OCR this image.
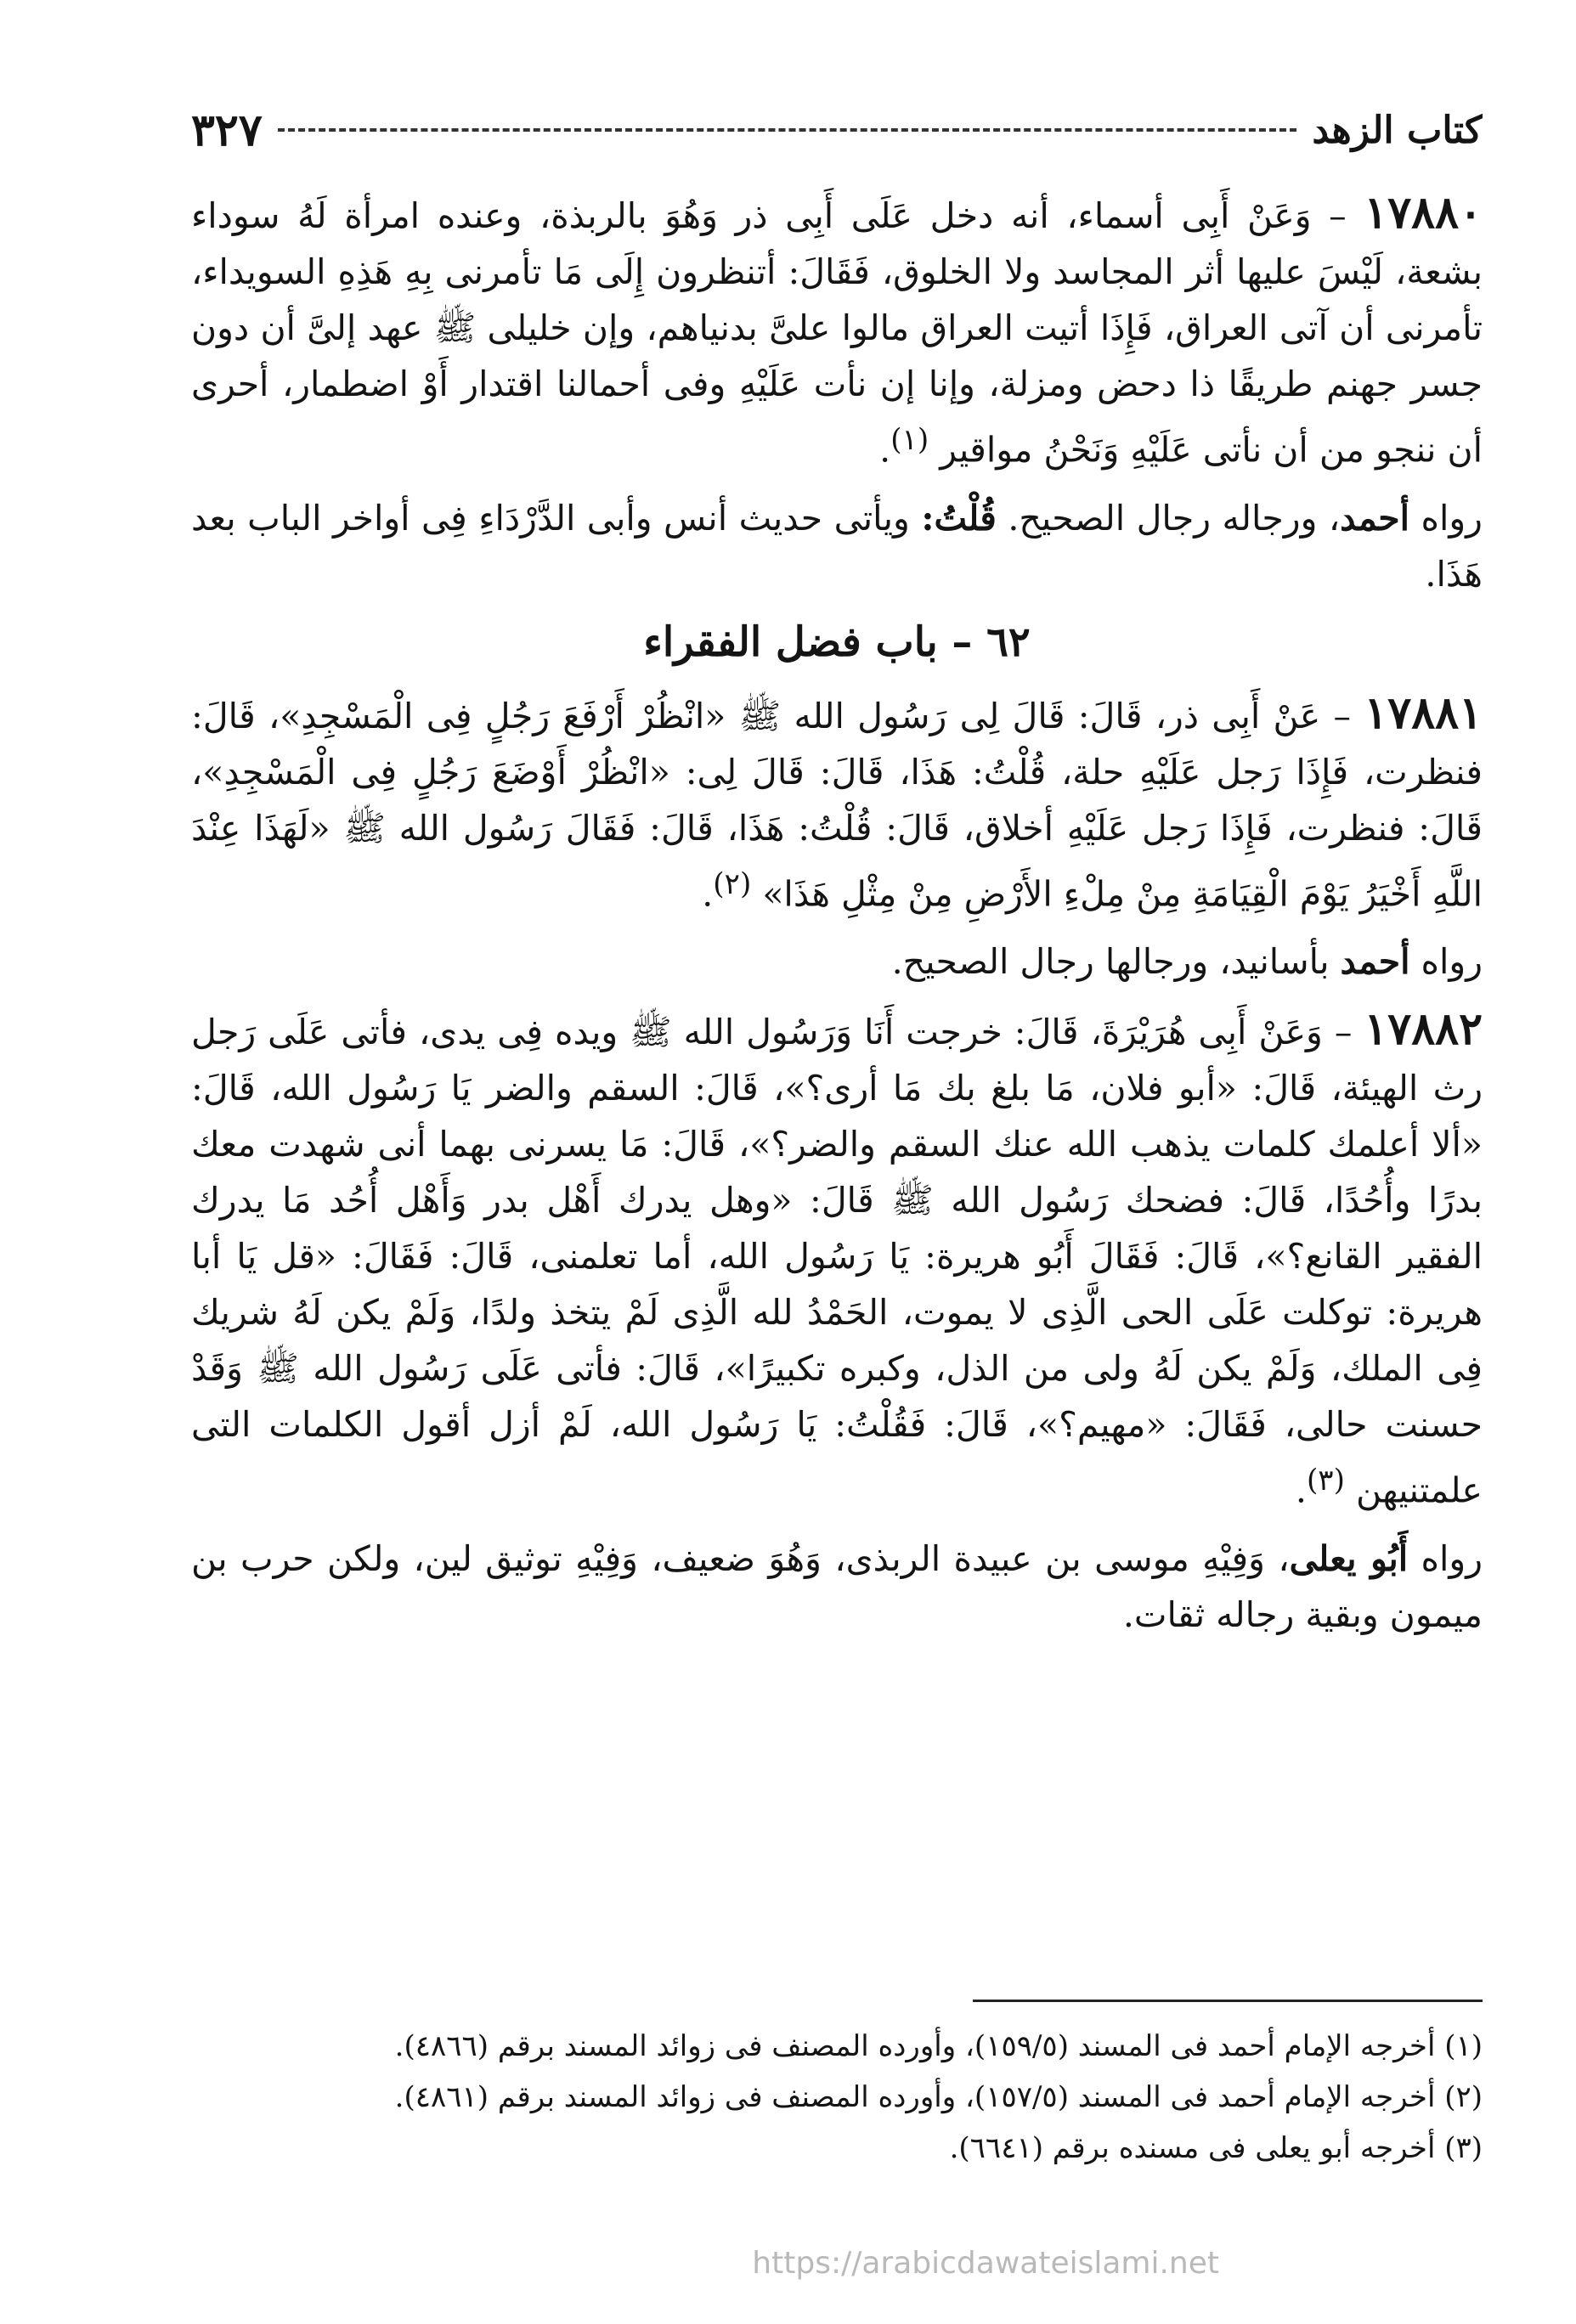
كتاب الزهد
٣٢٧

١٧٨٨٠ – وَعَنْ أَبِى أسماء، أنه دخل عَلَى أَبِى ذر وَهُوَ بالربذة، وعنده امرأة لَهُ سوداء بشعة، لَيْسَ عليها أثر المجاسد ولا الخلوق، فَقَالَ: أتنظرون إِلَى مَا تأمرنى بِهِ هَذِهِ السويداء، تأمرنى أن آتى العراق، فَإِذَا أتيت العراق مالوا علىَّ بدنياهم، وإن خليلى ﷺ عهد إلىَّ أن دون جسر جهنم طريقًا ذا دحض ومزلة، وإنا إن نأت عَلَيْهِ وفى أحمالنا اقتدار أَوْ اضطمار، أحرى أن ننجو من أن نأتى عَلَيْهِ وَنَحْنُ مواقير $^{(١)}$.

رواه أحمد، ورجاله رجال الصحيح. قُلْتُ: ويأتى حديث أنس وأبى الدَّرْدَاءِ فِى أواخر الباب بعد هَذَا.

٦٢ – باب فضل الفقراء

١٧٨٨١ – عَنْ أَبِى ذر، قَالَ: قَالَ لِى رَسُول الله ﷺ «انْظُرْ أَرْفَعَ رَجُلٍ فِى الْمَسْجِدِ»، قَالَ: فنظرت، فَإِذَا رَجل عَلَيْهِ حلة، قُلْتُ: هَذَا، قَالَ: قَالَ لِى: «انْظُرْ أَوْضَعَ رَجُلٍ فِى الْمَسْجِدِ»، قَالَ: فنظرت، فَإِذَا رَجل عَلَيْهِ أخلاق، قَالَ: قُلْتُ: هَذَا، قَالَ: فَقَالَ رَسُول الله ﷺ «لَهَذَا عِنْدَ اللَّهِ أَخْيَرُ يَوْمَ الْقِيَامَةِ مِنْ مِلْءِ الأَرْضِ مِنْ مِثْلِ هَذَا» $^{(٢)}$.

رواه أحمد بأسانيد، ورجالها رجال الصحيح.

١٧٨٨٢ – وَعَنْ أَبِى هُرَيْرَةَ، قَالَ: خرجت أَنَا وَرَسُول الله ﷺ ويده فِى يدى، فأتى عَلَى رَجل رث الهيئة، قَالَ: «أبو فلان، مَا بلغ بك مَا أرى؟»، قَالَ: السقم والضر يَا رَسُول الله، قَالَ: «ألا أعلمك كلمات يذهب الله عنك السقم والضر؟»، قَالَ: مَا يسرنى بهما أنى شهدت معك بدرًا وأُحُدًا، قَالَ: فضحك رَسُول الله ﷺ قَالَ: «وهل يدرك أَهْل بدر وَأَهْل أُحُد مَا يدرك الفقير القانع؟»، قَالَ: فَقَالَ أَبُو هريرة: يَا رَسُول الله، أما تعلمنى، قَالَ: فَقَالَ: «قل يَا أبا هريرة: توكلت عَلَى الحى الَّذِى لا يموت، الحَمْدُ لله الَّذِى لَمْ يتخذ ولدًا، وَلَمْ يكن لَهُ شريك فِى الملك، وَلَمْ يكن لَهُ ولى من الذل، وكبره تكبيرًا»، قَالَ: فأتى عَلَى رَسُول الله ﷺ وَقَدْ حسنت حالى، فَقَالَ: «مهيم؟»، قَالَ: فَقُلْتُ: يَا رَسُول الله، لَمْ أزل أقول الكلمات التى علمتنيهن $^{(٣)}$.

رواه أَبُو يعلى، وَفِيْهِ موسى بن عبيدة الربذى، وَهُوَ ضعيف، وَفِيْهِ توثيق لين، ولكن حرب بن ميمون وبقية رجاله ثقات.

(١) أخرجه الإمام أحمد فى المسند (١٥٩/٥)، وأورده المصنف فى زوائد المسند برقم (٤٨٦٦).

(٢) أخرجه الإمام أحمد فى المسند (١٥٧/٥)، وأورده المصنف فى زوائد المسند برقم (٤٨٦١).

(٣) أخرجه أبو يعلى فى مسنده برقم (٦٦٤١).

https://arabicdawateislami.net
